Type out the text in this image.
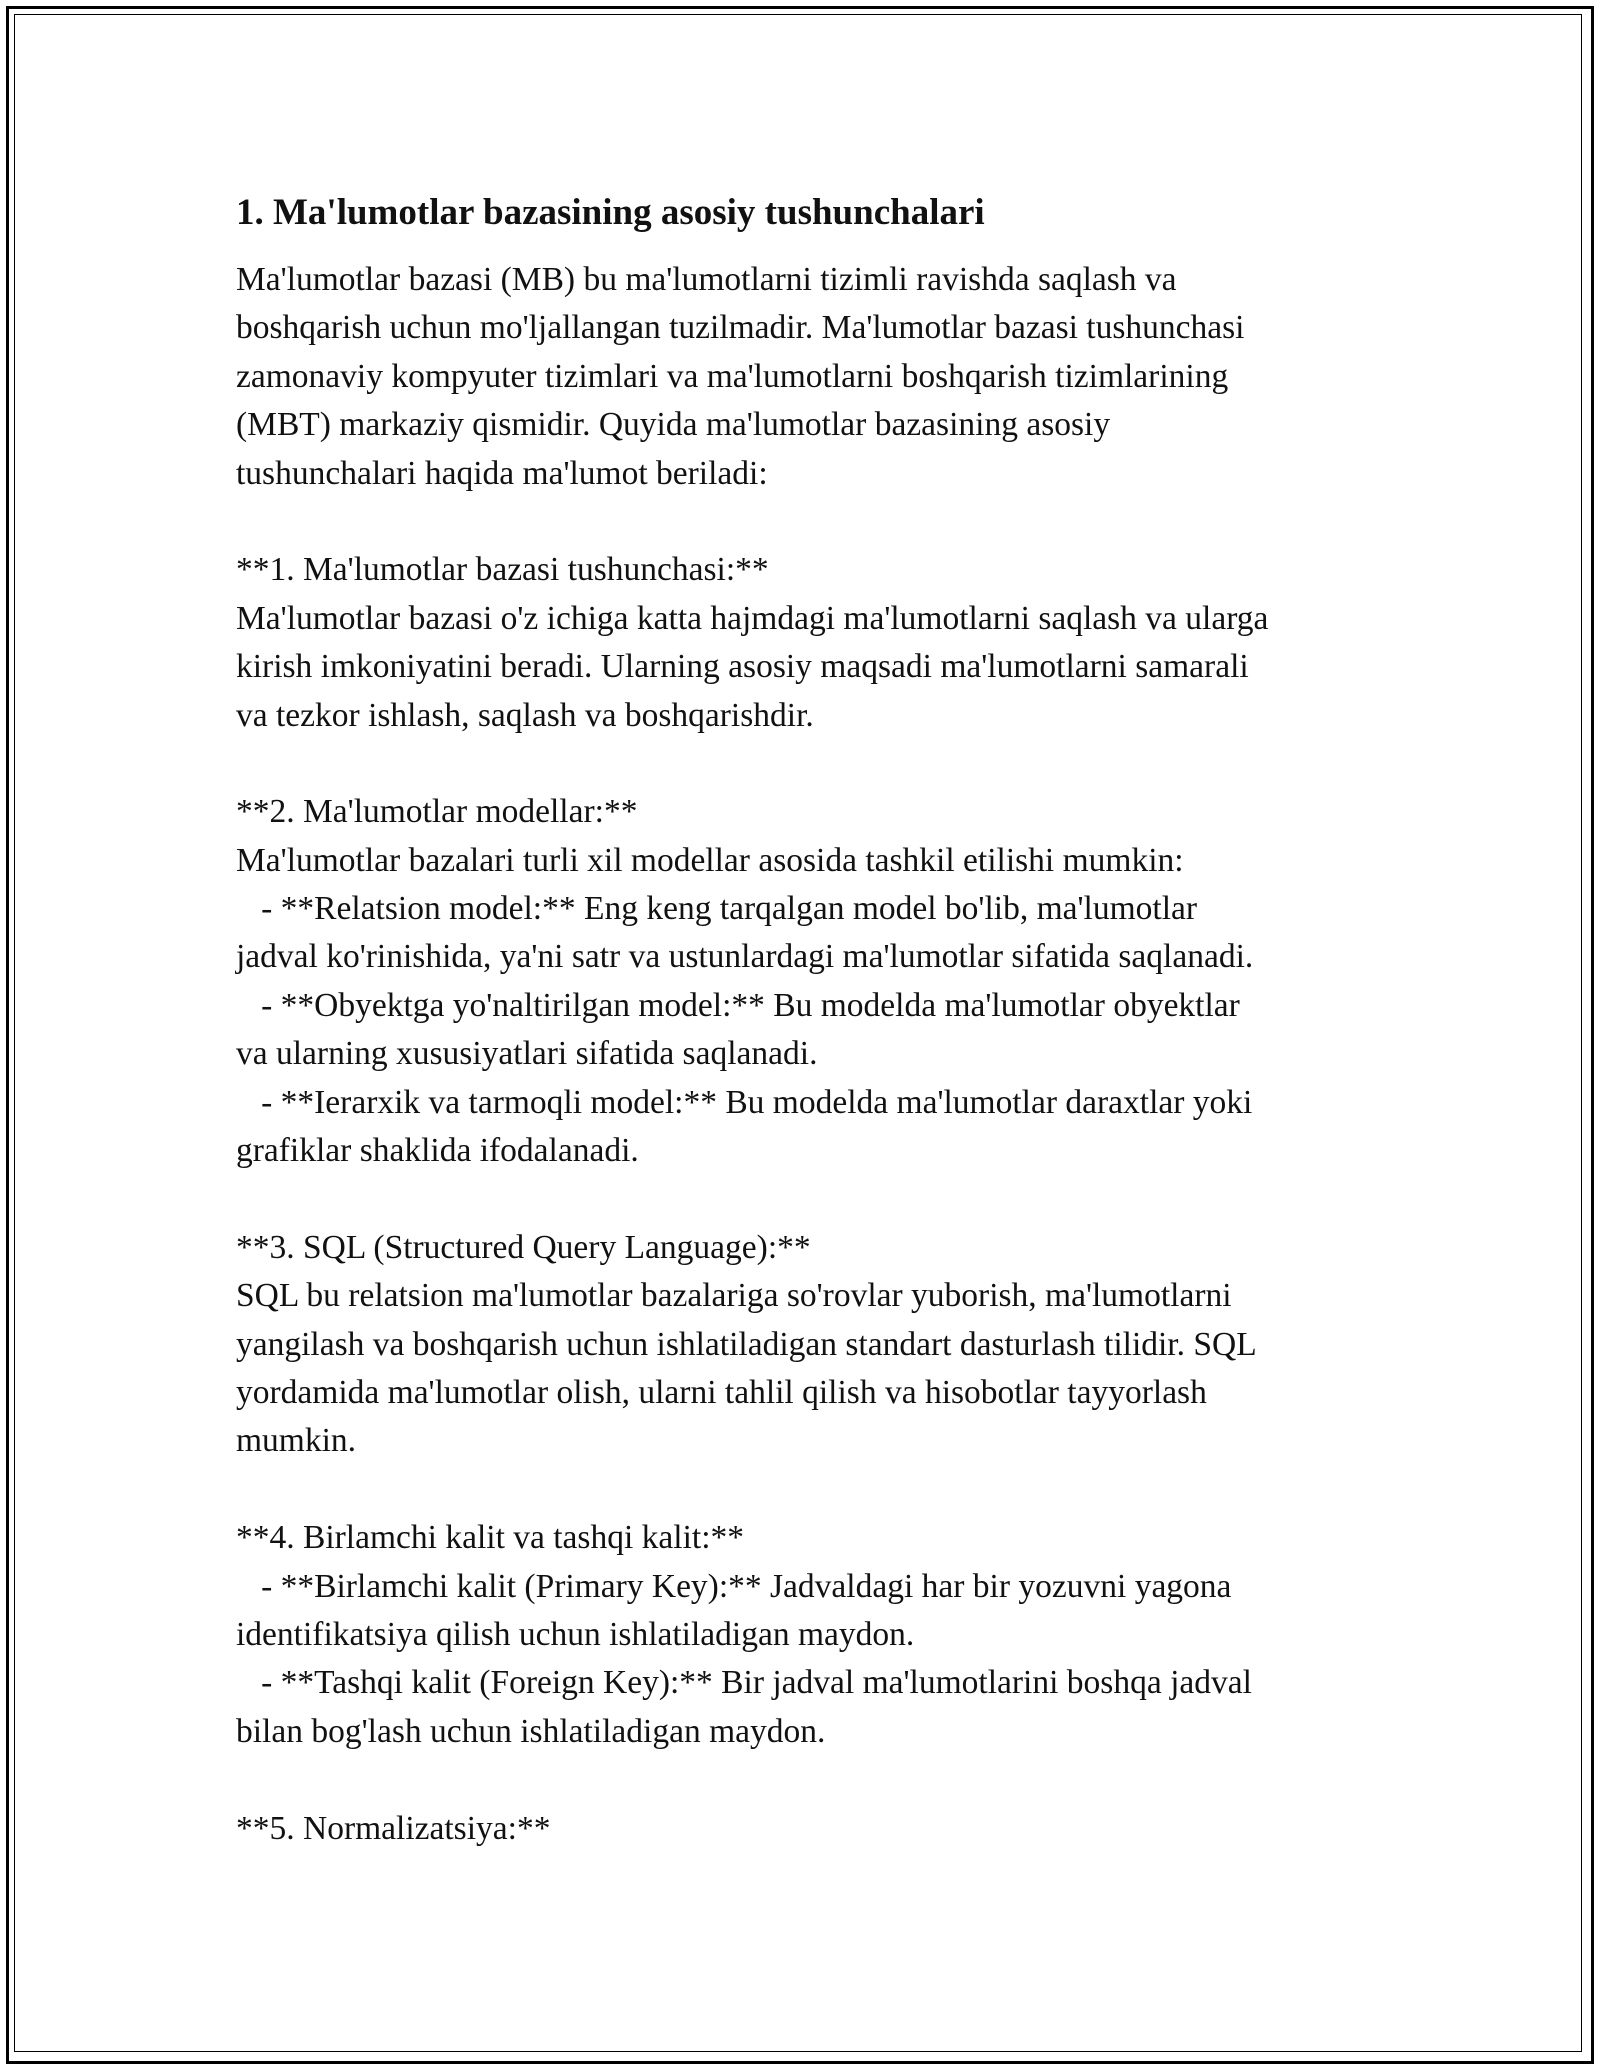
1. Ma'lumotlar bazasining asosiy tushunchalari
Ma'lumotlar bazasi (MB) bu ma'lumotlarni tizimli ravishda saqlash va
boshqarish uchun mo'ljallangan tuzilmadir. Ma'lumotlar bazasi tushunchasi
zamonaviy kompyuter tizimlari va ma'lumotlarni boshqarish tizimlarining
(MBT) markaziy qismidir. Quyida ma'lumotlar bazasining asosiy
tushunchalari haqida ma'lumot beriladi:
**1. Ma'lumotlar bazasi tushunchasi:**
Ma'lumotlar bazasi o'z ichiga katta hajmdagi ma'lumotlarni saqlash va ularga
kirish imkoniyatini beradi. Ularning asosiy maqsadi ma'lumotlarni samarali
va tezkor ishlash, saqlash va boshqarishdir.
**2. Ma'lumotlar modellar:**
Ma'lumotlar bazalari turli xil modellar asosida tashkil etilishi mumkin:
- **Relatsion model:** Eng keng tarqalgan model bo'lib, ma'lumotlar
jadval ko'rinishida, ya'ni satr va ustunlardagi ma'lumotlar sifatida saqlanadi.
- **Obyektga yo'naltirilgan model:** Bu modelda ma'lumotlar obyektlar
va ularning xususiyatlari sifatida saqlanadi.
- **Ierarxik va tarmoqli model:** Bu modelda ma'lumotlar daraxtlar yoki
grafiklar shaklida ifodalanadi.
**3. SQL (Structured Query Language):**
SQL bu relatsion ma'lumotlar bazalariga so'rovlar yuborish, ma'lumotlarni
yangilash va boshqarish uchun ishlatiladigan standart dasturlash tilidir. SQL
yordamida ma'lumotlar olish, ularni tahlil qilish va hisobotlar tayyorlash
mumkin.
**4. Birlamchi kalit va tashqi kalit:**
- **Birlamchi kalit (Primary Key):** Jadvaldagi har bir yozuvni yagona
identifikatsiya qilish uchun ishlatiladigan maydon.
- **Tashqi kalit (Foreign Key):** Bir jadval ma'lumotlarini boshqa jadval
bilan bog'lash uchun ishlatiladigan maydon.
**5. Normalizatsiya:**
